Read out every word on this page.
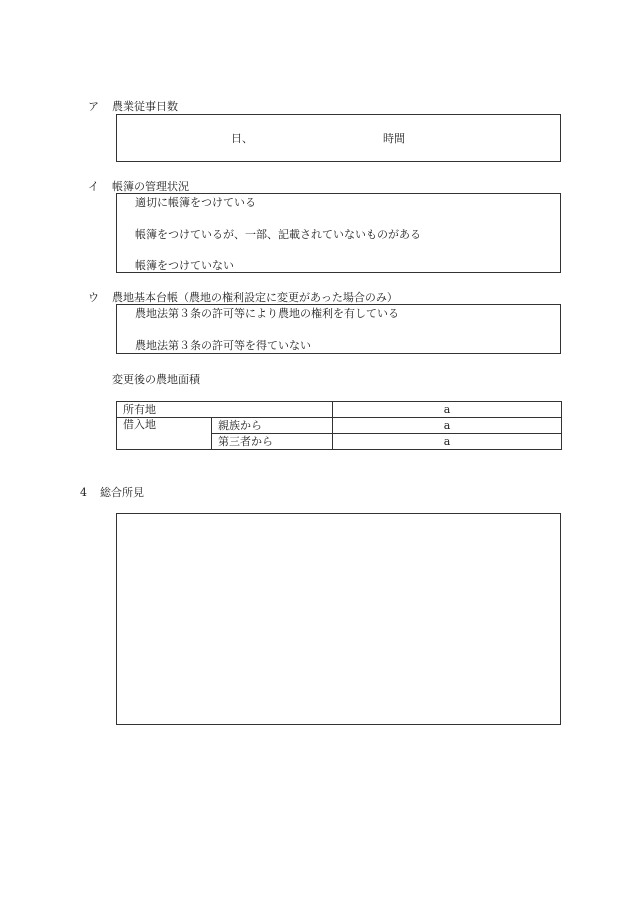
ア 農業従事日数
日、	時間
イ 帳簿の管理状況
適切に帳簿をつけている
帳簿をつけているが、一部、記載されていないものがある
帳簿をつけていない
ウ 農地基本台帳（農地の権利設定に変更があった場合のみ）
農地法第３条の許可等により農地の権利を有している
農地法第３条の許可等を得ていない
変更後の農地面積
所有地		a
借入地	親族から	a
	第三者から	a
4 総合所見
